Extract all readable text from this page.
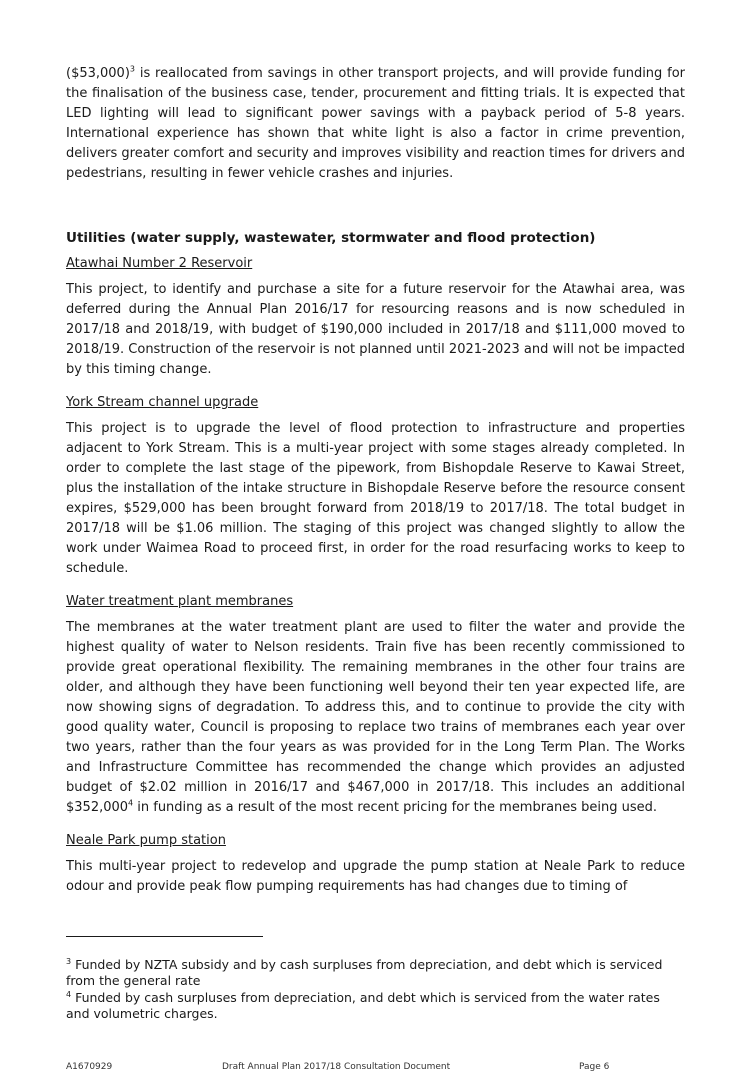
($53,000)$^3$ is reallocated from savings in other transport projects, and will provide funding for the finalisation of the business case, tender, procurement and fitting trials. It is expected that LED lighting will lead to significant power savings with a payback period of 5-8 years. International experience has shown that white light is also a factor in crime prevention, delivers greater comfort and security and improves visibility and reaction times for drivers and pedestrians, resulting in fewer vehicle crashes and injuries.

Utilities (water supply, wastewater, stormwater and flood protection)
Atawhai Number 2 Reservoir

This project, to identify and purchase a site for a future reservoir for the Atawhai area, was deferred during the Annual Plan 2016/17 for resourcing reasons and is now scheduled in 2017/18 and 2018/19, with budget of $190,000 included in 2017/18 and $111,000 moved to 2018/19. Construction of the reservoir is not planned until 2021-2023 and will not be impacted by this timing change.

York Stream channel upgrade

This project is to upgrade the level of flood protection to infrastructure and properties adjacent to York Stream. This is a multi-year project with some stages already completed. In order to complete the last stage of the pipework, from Bishopdale Reserve to Kawai Street, plus the installation of the intake structure in Bishopdale Reserve before the resource consent expires, $529,000 has been brought forward from 2018/19 to 2017/18. The total budget in 2017/18 will be $1.06 million. The staging of this project was changed slightly to allow the work under Waimea Road to proceed first, in order for the road resurfacing works to keep to schedule.

Water treatment plant membranes

The membranes at the water treatment plant are used to filter the water and provide the highest quality of water to Nelson residents. Train five has been recently commissioned to provide great operational flexibility. The remaining membranes in the other four trains are older, and although they have been functioning well beyond their ten year expected life, are now showing signs of degradation. To address this, and to continue to provide the city with good quality water, Council is proposing to replace two trains of membranes each year over two years, rather than the four years as was provided for in the Long Term Plan. The Works and Infrastructure Committee has recommended the change which provides an adjusted budget of $2.02 million in 2016/17 and $467,000 in 2017/18. This includes an additional $352,000$^4$ in funding as a result of the most recent pricing for the membranes being used.

Neale Park pump station

This multi-year project to redevelop and upgrade the pump station at Neale Park to reduce odour and provide peak flow pumping requirements has had changes due to timing of

$^3$ Funded by NZTA subsidy and by cash surpluses from depreciation, and debt which is serviced from the general rate
$^4$ Funded by cash surpluses from depreciation, and debt which is serviced from the water rates and volumetric charges.
A1670929	Draft Annual Plan 2017/18 Consultation Document	Page 6
